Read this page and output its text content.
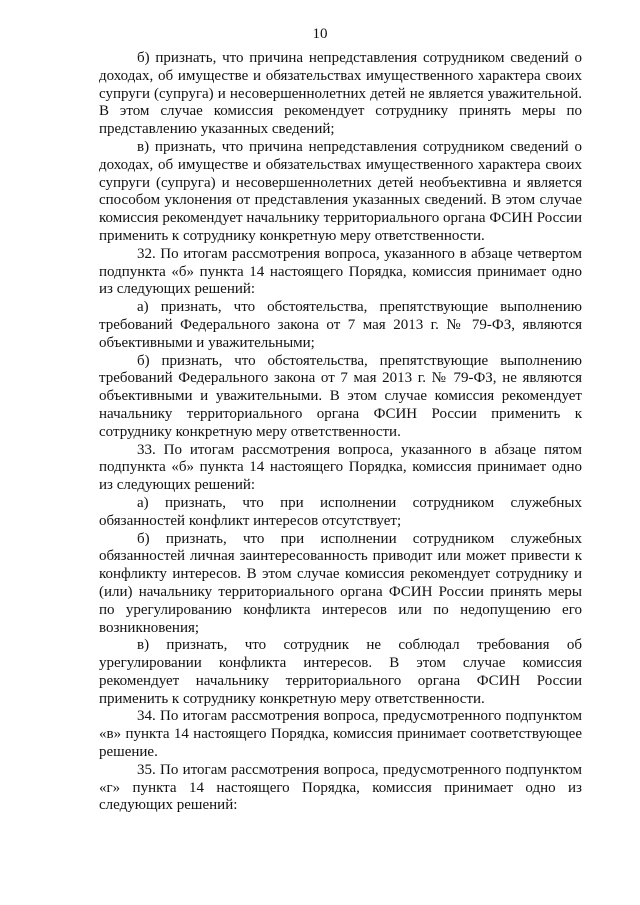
10

б) признать, что причина непредставления сотрудником сведений о доходах, об имуществе и обязательствах имущественного характера своих супруги (супруга) и несовершеннолетних детей не является уважительной. В этом случае комиссия рекомендует сотруднику принять меры по представлению указанных сведений;

в) признать, что причина непредставления сотрудником сведений о доходах, об имуществе и обязательствах имущественного характера своих супруги (супруга) и несовершеннолетних детей необъективна и является способом уклонения от представления указанных сведений. В этом случае комиссия рекомендует начальнику территориального органа ФСИН России применить к сотруднику конкретную меру ответственности.

32. По итогам рассмотрения вопроса, указанного в абзаце четвертом подпункта «б» пункта 14 настоящего Порядка, комиссия принимает одно из следующих решений:

а) признать, что обстоятельства, препятствующие выполнению требований Федерального закона от 7 мая 2013 г. № 79-ФЗ, являются объективными и уважительными;

б) признать, что обстоятельства, препятствующие выполнению требований Федерального закона от 7 мая 2013 г. № 79-ФЗ, не являются объективными и уважительными. В этом случае комиссия рекомендует начальнику территориального органа ФСИН России применить к сотруднику конкретную меру ответственности.

33. По итогам рассмотрения вопроса, указанного в абзаце пятом подпункта «б» пункта 14 настоящего Порядка, комиссия принимает одно из следующих решений:

а) признать, что при исполнении сотрудником служебных обязанностей конфликт интересов отсутствует;

б) признать, что при исполнении сотрудником служебных обязанностей личная заинтересованность приводит или может привести к конфликту интересов. В этом случае комиссия рекомендует сотруднику и (или) начальнику территориального органа ФСИН России принять меры по урегулированию конфликта интересов или по недопущению его возникновения;

в) признать, что сотрудник не соблюдал требования об урегулировании конфликта интересов. В этом случае комиссия рекомендует начальнику территориального органа ФСИН России применить к сотруднику конкретную меру ответственности.

34. По итогам рассмотрения вопроса, предусмотренного подпунктом «в» пункта 14 настоящего Порядка, комиссия принимает соответствующее решение.

35. По итогам рассмотрения вопроса, предусмотренного подпунктом «г» пункта 14 настоящего Порядка, комиссия принимает одно из следующих решений:
